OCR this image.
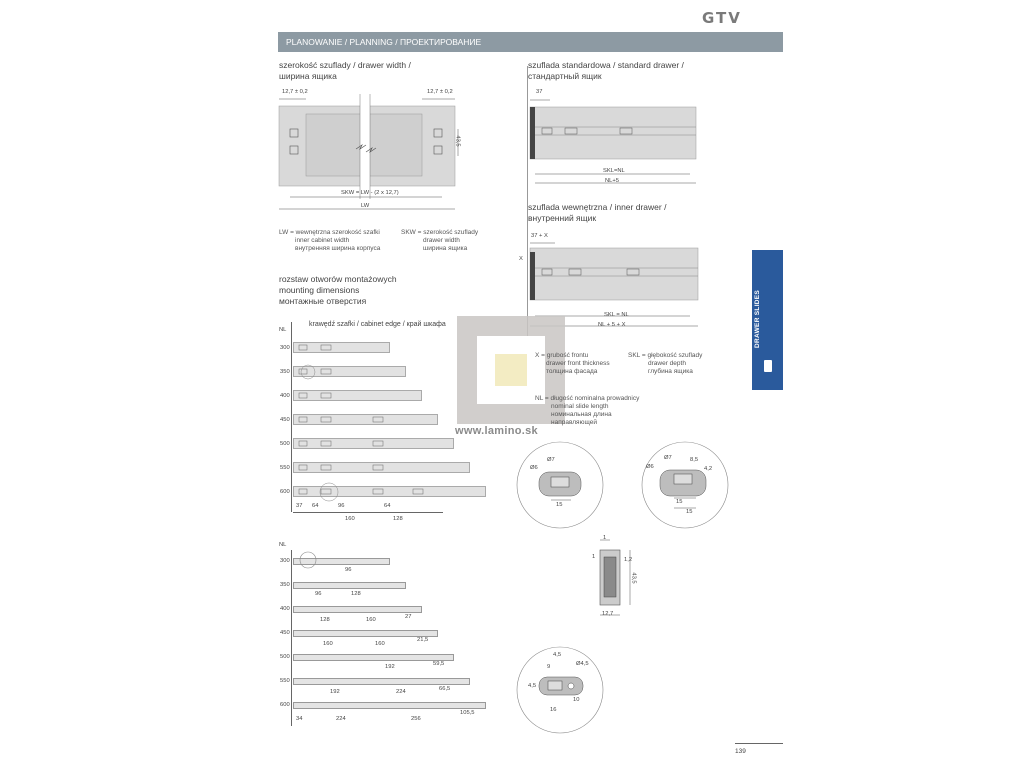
GTV
PLANOWANIE / PLANNING / ПРОЕКТИРОВАНИЕ
szerokość szuflady / drawer width /
ширина ящика
12,7 ± 0,2	12,7 ± 0,2
43,5
SKW = LW - (2 x 12,7)
LW
LW = wewnętrzna szerokość szafki
inner cabinet width
внутренняя ширина корпуса
SKW = szerokość szuflady
drawer width
ширина ящика
szuflada standardowa / standard drawer /
стандартный ящик
37
SKL=NL
NL+5
szuflada wewnętrzna / inner drawer /
внутренний ящик
37 + X
X
SKL = NL
NL + 5 + X
rozstaw otworów montażowych
mounting dimensions
монтажные отверстия
krawędź szafki / cabinet edge / край шкафа
NL
300
350
400
450
500
550
600
37 64	96	64
160	128
www.lamino.sk
X = grubość frontu
drawer front thickness
толщина фасада
SKL = głębokość szuflady
drawer depth
глубина ящика
NL = długość nominalna prowadnicy
nominal slide length
номинальная длина
направляющей
Ø7
Ø6
15
Ø7
Ø6
8,5
4,2
15
15
1
1	1,2
43,5
12,7
4,5
Ø4,5
9
4,5
10
16
NL
300
350
400
450
500
550
600
96
96	128
128	160	27
160	160
21,5
192	59,5
192	224	66,5
34	224	256
105,5
DRAWER SLIDES
139
